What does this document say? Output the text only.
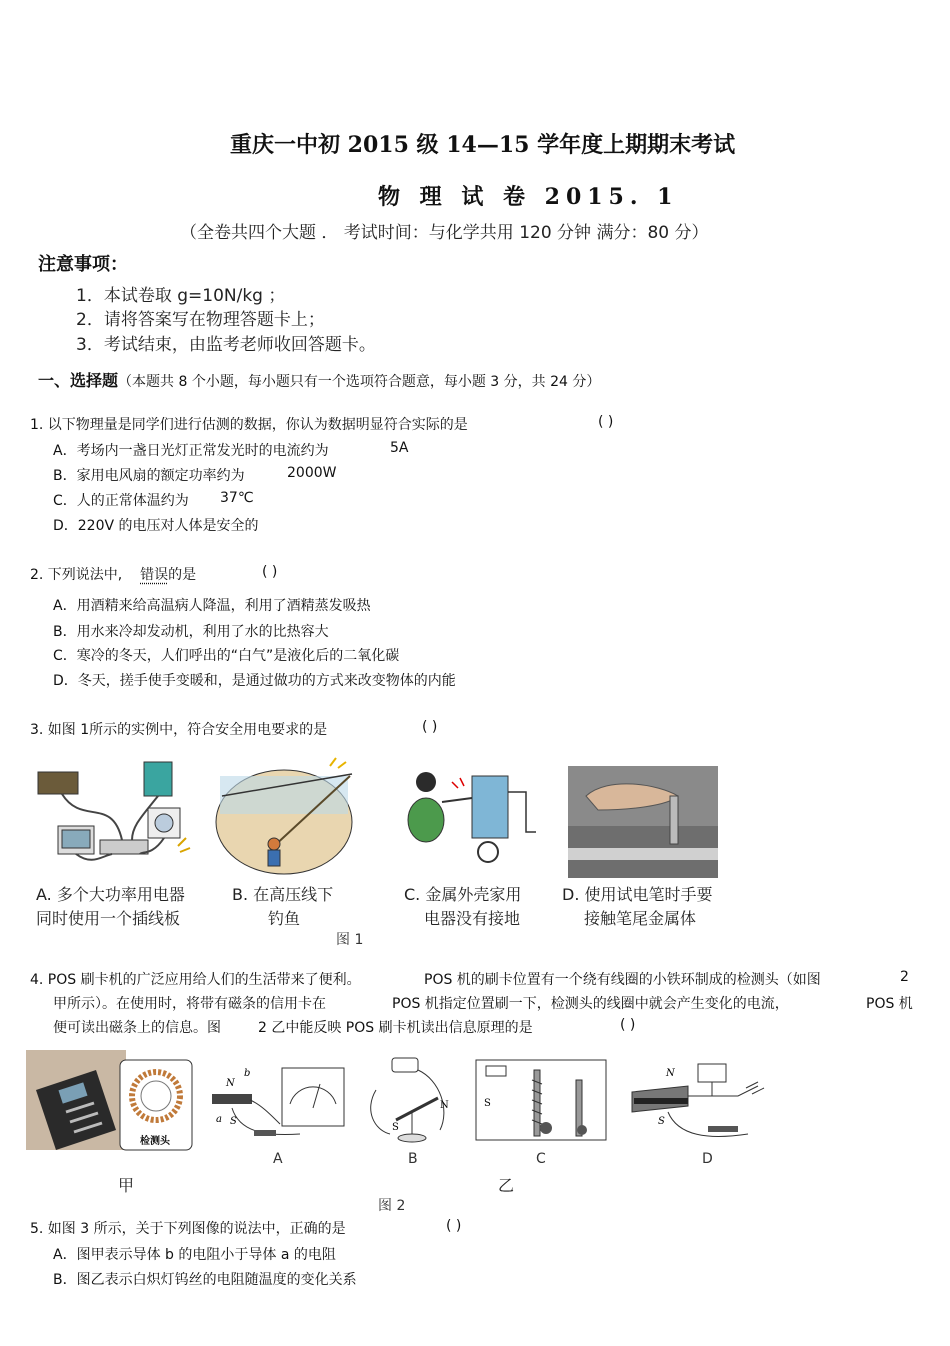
重庆一中初 2015 级 14—15 学年度上期期末考试
物 理 试 卷 2015. 1
（全卷共四个大题 ． 考试时间：与化学共用 120 分钟 满分：80 分）
注意事项：
1．本试卷取 g=10N/kg ；
2．请将答案写在物理答题卡上；
3．考试结束，由监考老师收回答题卡。
一、选择题（本题共 8 个小题，每小题只有一个选项符合题意，每小题 3 分，共 24 分）
1. 以下物理量是同学们进行估测的数据，你认为数据明显符合实际的是	( )
A．考场内一盏日光灯正常发光时的电流约为	5A
B．家用电风扇的额定功率约为	2000W
C．人的正常体温约为 37℃
D．220V 的电压对人体是安全的
2. 下列说法中, 错误的是	( )
A．用酒精来给高温病人降温，利用了酒精蒸发吸热
B．用水来冷却发动机，利用了水的比热容大
C．寒冷的冬天，人们呼出的“白气”是液化后的二氧化碳
D．冬天，搓手使手变暖和，是通过做功的方式来改变物体的内能
3. 如图 1所示的实例中，符合安全用电要求的是	( )
A. 多个大功率用电器
同时使用一个插线板
B. 在高压线下
钓鱼
C. 金属外壳家用
电器没有接地
D. 使用试电笔时手要
接触笔尾金属体
图 1
4. POS 刷卡机的广泛应用给人们的生活带来了便利。	POS 机的刷卡位置有一个绕有线圈的小铁环制成的检测头（如图	2
甲所示）。在使用时，将带有磁条的信用卡在	POS 机指定位置刷一下，检测头的线圈中就会产生变化的电流，	POS 机
便可读出磁条上的信息。图	2 乙中能反映 POS 刷卡机读出信息原理的是	( )
检测头
N
b
S
a
N
S
S
N
S
A	B	C	D
甲	乙
图 2
5. 如图 3 所示，关于下列图像的说法中，正确的是	( )
A．图甲表示导体 b 的电阻小于导体 a 的电阻
B．图乙表示白炽灯钨丝的电阻随温度的变化关系
